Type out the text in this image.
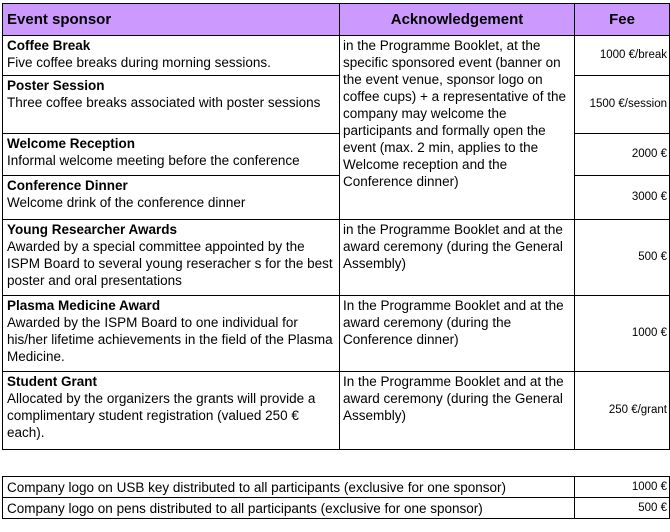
Event sponsor	Acknowledgement	Fee

Coffee Break
Five coffee breaks during morning sessions.	in the Programme Booklet, at the specific sponsored event (banner on the event venue, sponsor logo on coffee cups) + a representative of the company may welcome the participants and formally open the event (max. 2 min, applies to the Welcome reception and the Conference dinner)	1000 €/break

Poster Session
Three coffee breaks associated with poster sessions		1500 €/session

Welcome Reception
Informal welcome meeting before the conference		2000 €

Conference Dinner
Welcome drink of the conference dinner		3000 €

Young Researcher Awards
Awarded by a special committee appointed by the ISPM Board to several young reseracher s for the best poster and oral presentations	in the Programme Booklet and at the award ceremony (during the General Assembly)	500 €

Plasma Medicine Award
Awarded by the ISPM Board to one individual for his/her lifetime achievements in the field of the Plasma Medicine.	In the Programme Booklet and at the award ceremony (during the Conference dinner)	1000 €

Student Grant
Allocated by the organizers the grants will provide a complimentary student registration (valued 250 € each).	In the Programme Booklet and at the award ceremony (during the General Assembly)	250 €/grant
Company logo on USB key distributed to all participants (exclusive for one sponsor)	1000 €
Company logo on pens distributed to all participants (exclusive for one sponsor)	500 €
